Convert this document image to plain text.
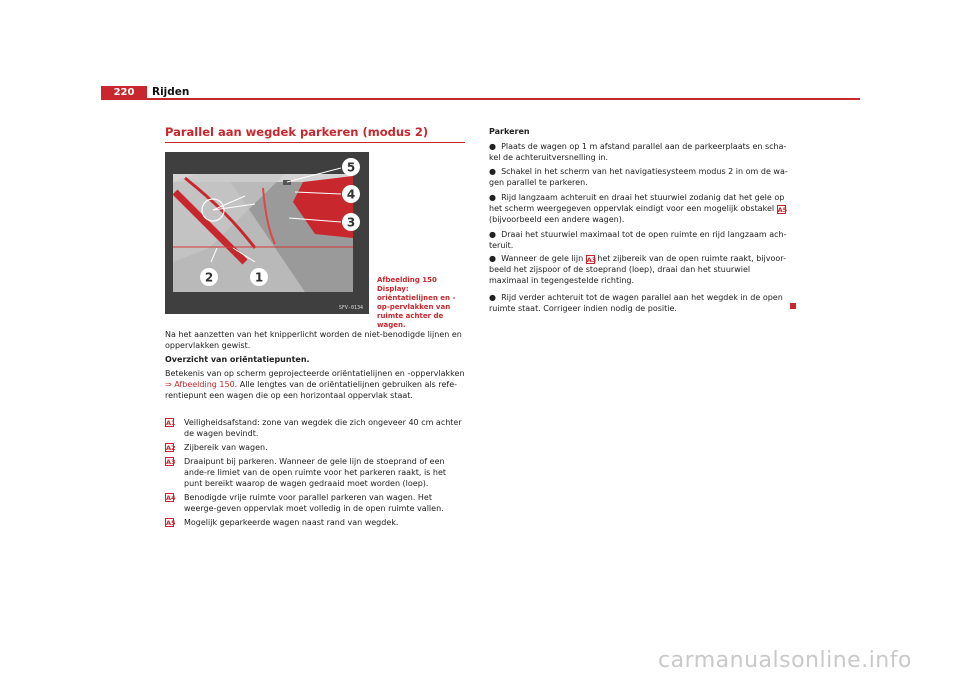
220	Rijden
Parallel aan wegdek parkeren (modus 2)
5
4
3
2	1
SFV-0134
Afbeelding 150 Display: oriëntatielijnen en -op-pervlakken van ruimte achter de wagen.
Na het aanzetten van het knipperlicht worden de niet-benodigde lijnen en oppervlakken gewist.
Overzicht van oriëntatiepunten.
Betekenis van op scherm geprojecteerde oriëntatielijnen en -oppervlakken ⇒ Afbeelding 150. Alle lengtes van de oriëntatielijnen gebruiken als refe-rentiepunt een wagen die op een horizontaal oppervlak staat.
A1 Veiligheidsafstand: zone van wegdek die zich ongeveer 40 cm achter de wagen bevindt.
A2 Zijbereik van wagen.
A3 Draaipunt bij parkeren. Wanneer de gele lijn de stoeprand of een ande-re limiet van de open ruimte voor het parkeren raakt, is het punt bereikt waarop de wagen gedraaid moet worden (loep).
A4 Benodigde vrije ruimte voor parallel parkeren van wagen. Het weerge-geven oppervlak moet volledig in de open ruimte vallen.
A5 Mogelijk geparkeerde wagen naast rand van wegdek.
Parkeren
●  Plaats de wagen op 1 m afstand parallel aan de parkeerplaats en scha-kel de achteruitversnelling in.
●  Schakel in het scherm van het navigatiesysteem modus 2 in om de wa-gen parallel te parkeren.
●  Rijd langzaam achteruit en draai het stuurwiel zodanig dat het gele op het scherm weergegeven oppervlak eindigt voor een mogelijk obstakel A5 (bijvoorbeeld een andere wagen).
●  Draai het stuurwiel maximaal tot de open ruimte en rijd langzaam ach-teruit.
●  Wanneer de gele lijn A3 het zijbereik van de open ruimte raakt, bijvoor-beeld het zijspoor of de stoeprand (loep), draai dan het stuurwiel maximaal in tegengestelde richting.
●  Rijd verder achteruit tot de wagen parallel aan het wegdek in de open ruimte staat. Corrigeer indien nodig de positie.
carmanualsonline.info
